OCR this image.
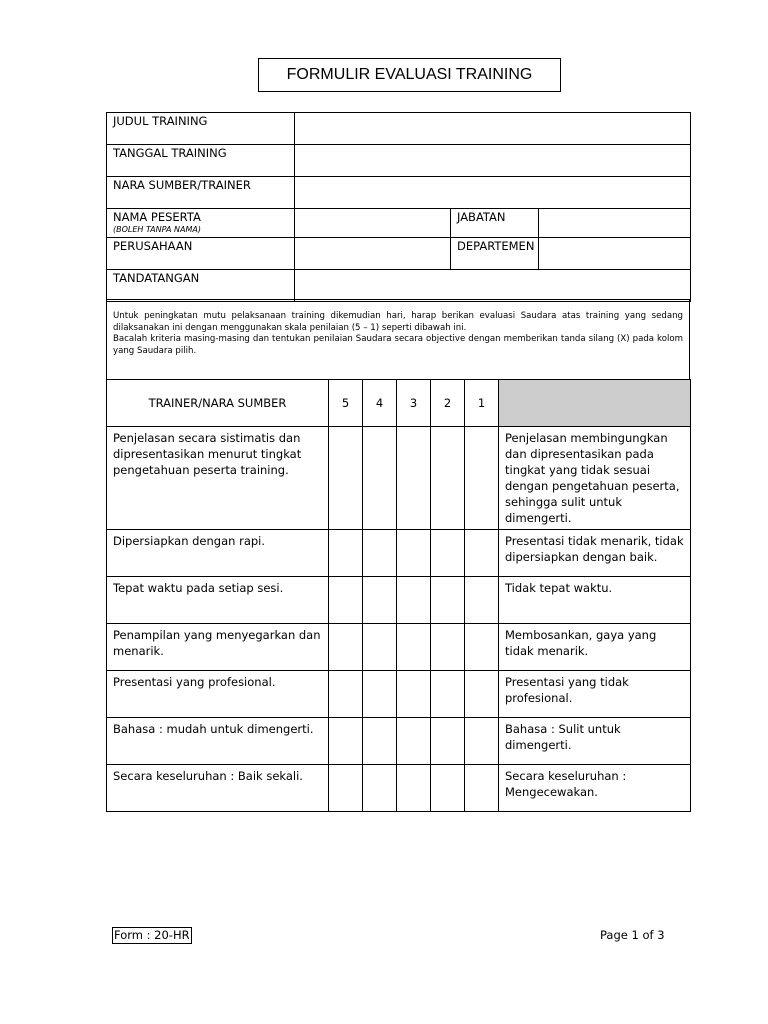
FORMULIR EVALUASI TRAINING
JUDUL TRAINING			
TANGGAL TRAINING			
NARA SUMBER/TRAINER			
NAMA PESERTA
(BOLEH TANPA NAMA)		JABATAN	
PERUSAHAAN		DEPARTEMEN	
TANDATANGAN			
Untuk peningkatan mutu pelaksanaan training dikemudian hari, harap berikan evaluasi Saudara atas training yang sedang dilaksanakan ini dengan menggunakan skala penilaian (5 – 1) seperti dibawah ini.
Bacalah kriteria masing-masing dan tentukan penilaian Saudara secara objective dengan memberikan tanda silang (X) pada kolom yang Saudara pilih.
TRAINER/NARA SUMBER	5	4	3	2	1	
Penjelasan secara sistimatis dan dipresentasikan menurut tingkat pengetahuan peserta training.						Penjelasan membingungkan dan dipresentasikan pada tingkat yang tidak sesuai dengan pengetahuan peserta, sehingga sulit untuk dimengerti.
Dipersiapkan dengan rapi.						Presentasi tidak menarik, tidak dipersiapkan dengan baik.
Tepat waktu pada setiap sesi.						Tidak tepat waktu.
Penampilan yang menyegarkan dan menarik.						Membosankan, gaya yang tidak menarik.
Presentasi yang profesional.						Presentasi yang tidak profesional.
Bahasa : mudah untuk dimengerti.						Bahasa : Sulit untuk dimengerti.
Secara keseluruhan : Baik sekali.						Secara keseluruhan : Mengecewakan.
Form : 20-HR	Page 1 of 3
